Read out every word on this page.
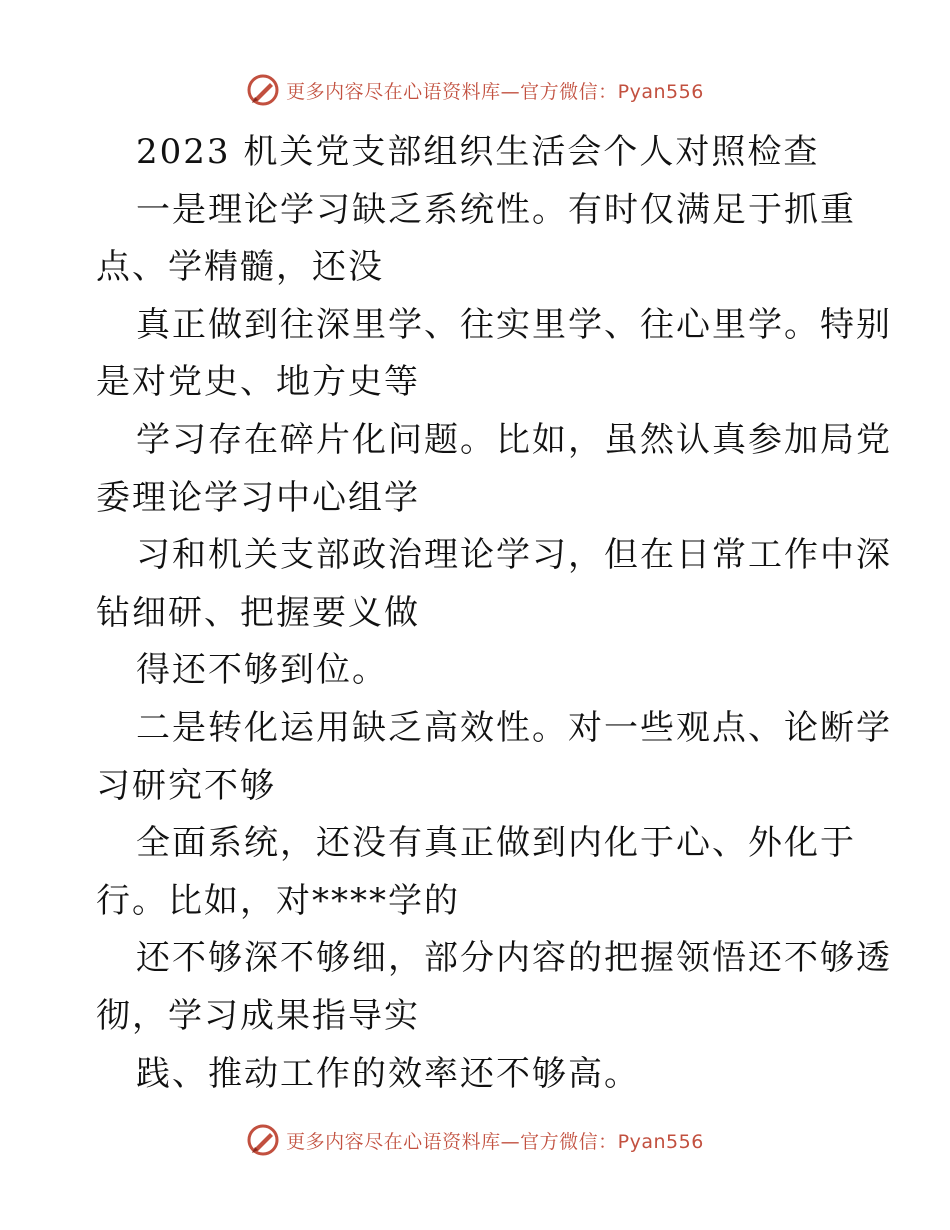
更多内容尽在心语资料库—官方微信：Pyan556
2023 机关党支部组织生活会个人对照检查
一是理论学习缺乏系统性。有时仅满足于抓重
点、学精髓，还没
真正做到往深里学、往实里学、往心里学。特别
是对党史、地方史等
学习存在碎片化问题。比如，虽然认真参加局党
委理论学习中心组学
习和机关支部政治理论学习，但在日常工作中深
钻细研、把握要义做
得还不够到位。
二是转化运用缺乏高效性。对一些观点、论断学
习研究不够
全面系统，还没有真正做到内化于心、外化于
行。比如，对****学的
还不够深不够细，部分内容的把握领悟还不够透
彻，学习成果指导实
践、推动工作的效率还不够高。
更多内容尽在心语资料库—官方微信：Pyan556
